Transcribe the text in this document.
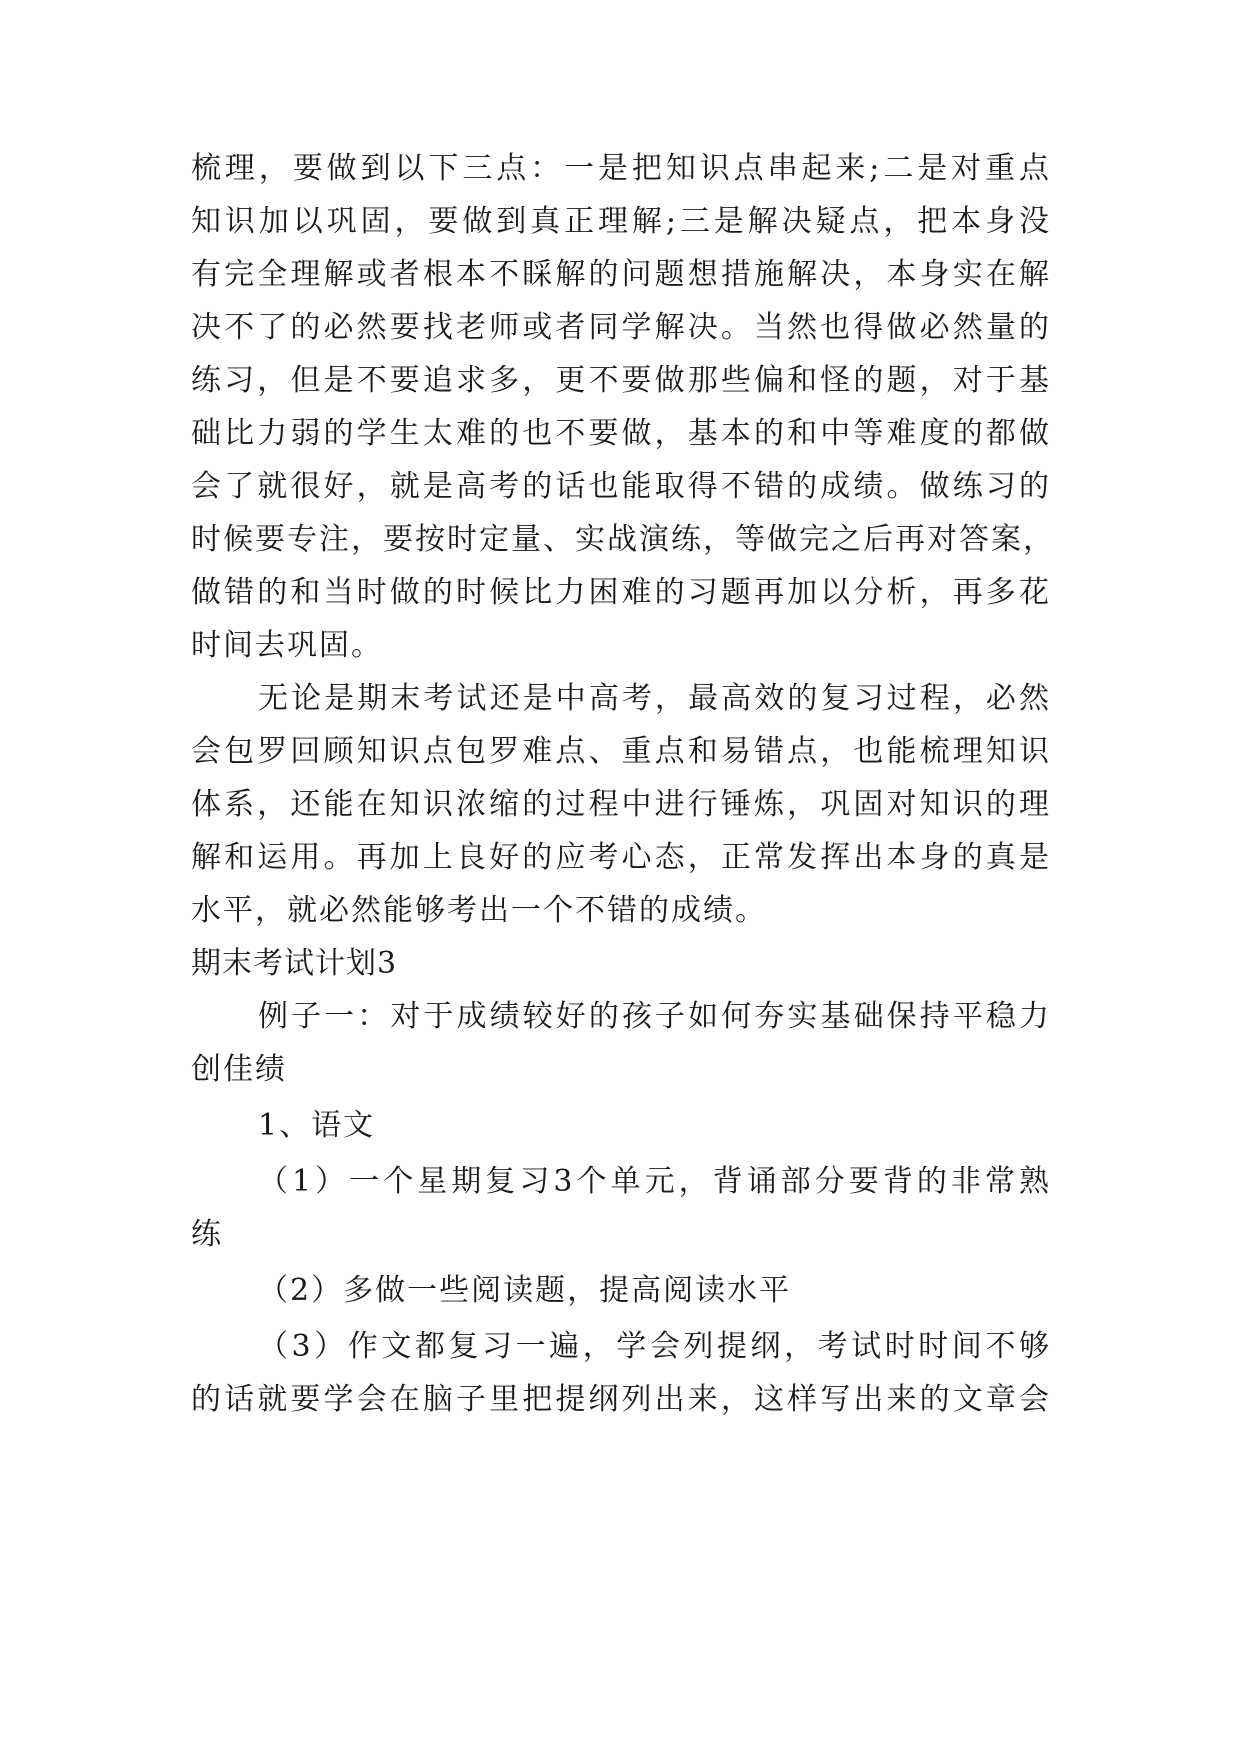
梳理，要做到以下三点：一是把知识点串起来;二是对重点

知识加以巩固，要做到真正理解;三是解决疑点，把本身没

有完全理解或者根本不睬解的问题想措施解决，本身实在解

决不了的必然要找老师或者同学解决。当然也得做必然量的

练习，但是不要追求多，更不要做那些偏和怪的题，对于基

础比力弱的学生太难的也不要做，基本的和中等难度的都做

会了就很好，就是高考的话也能取得不错的成绩。做练习的

时候要专注，要按时定量、实战演练，等做完之后再对答案，

做错的和当时做的时候比力困难的习题再加以分析，再多花

时间去巩固。

无论是期末考试还是中高考，最高效的复习过程，必然

会包罗回顾知识点包罗难点、重点和易错点，也能梳理知识

体系，还能在知识浓缩的过程中进行锤炼，巩固对知识的理

解和运用。再加上良好的应考心态，正常发挥出本身的真是

水平，就必然能够考出一个不错的成绩。

期末考试计划3

例子一：对于成绩较好的孩子如何夯实基础保持平稳力

创佳绩

1、语文

（1）一个星期复习3个单元，背诵部分要背的非常熟

练

（2）多做一些阅读题，提高阅读水平

（3）作文都复习一遍，学会列提纲，考试时时间不够

的话就要学会在脑子里把提纲列出来，这样写出来的文章会
